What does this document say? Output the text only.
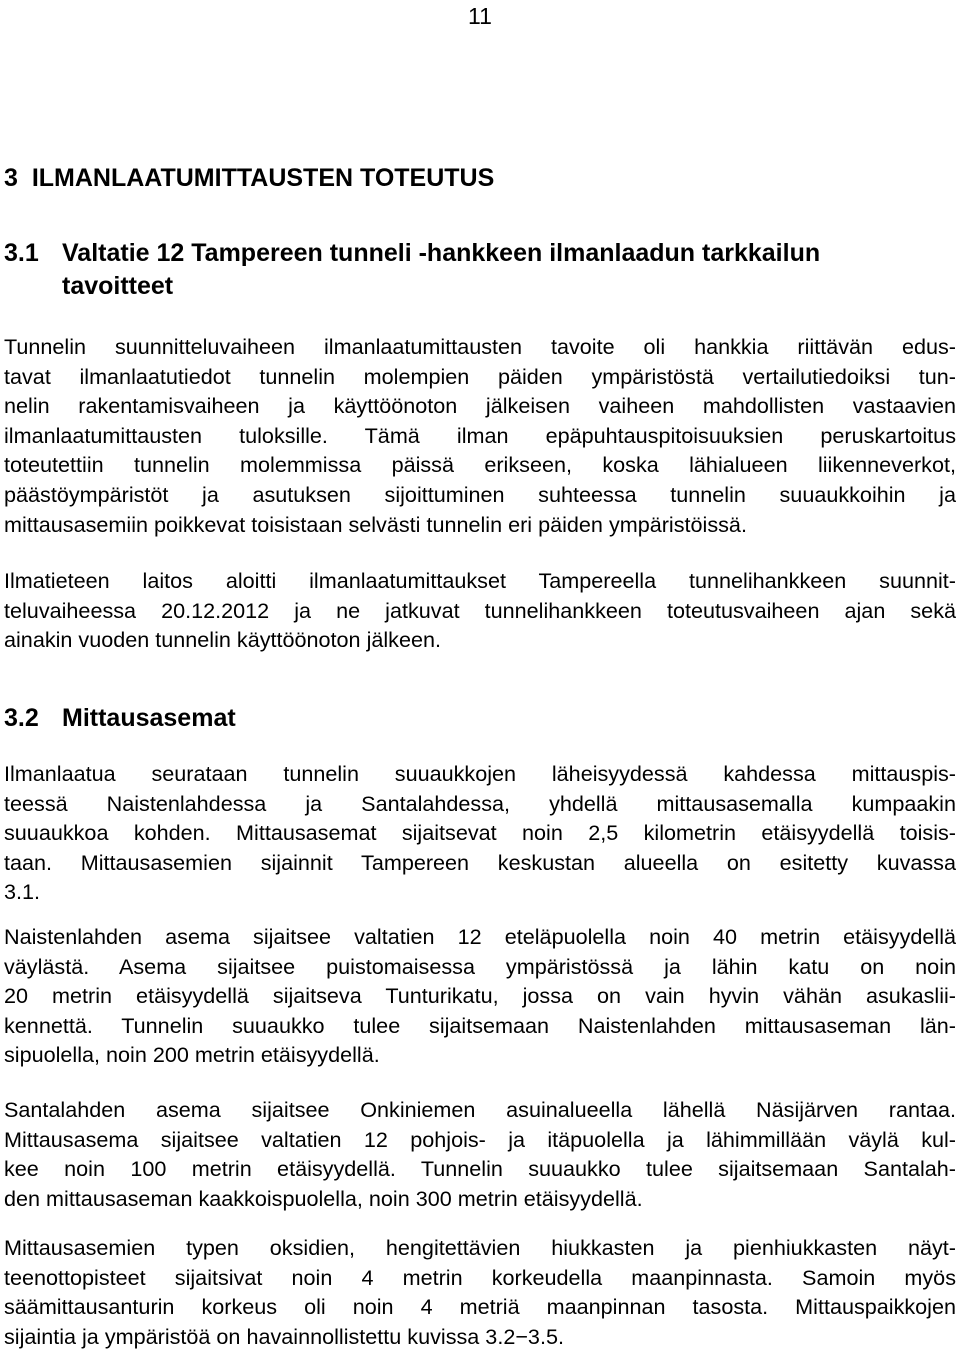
11
3 ILMANLAATUMITTAUSTEN TOTEUTUS
3.1 Valtatie 12 Tampereen tunneli -hankkeen ilmanlaadun tarkkailun
tavoitteet
Tunnelin suunnitteluvaiheen ilmanlaatumittausten tavoite oli hankkia riittävän edus-
tavat ilmanlaatutiedot tunnelin molempien päiden ympäristöstä vertailutiedoiksi tun-
nelin rakentamisvaiheen ja käyttöönoton jälkeisen vaiheen mahdollisten vastaavien
ilmanlaatumittausten tuloksille. Tämä ilman epäpuhtauspitoisuuksien peruskartoitus
toteutettiin tunnelin molemmissa päissä erikseen, koska lähialueen liikenneverkot,
päästöympäristöt ja asutuksen sijoittuminen suhteessa tunnelin suuaukkoihin ja
mittausasemiin poikkevat toisistaan selvästi tunnelin eri päiden ympäristöissä.
Ilmatieteen laitos aloitti ilmanlaatumittaukset Tampereella tunnelihankkeen suunnit-
teluvaiheessa 20.12.2012 ja ne jatkuvat tunnelihankkeen toteutusvaiheen ajan sekä
ainakin vuoden tunnelin käyttöönoton jälkeen.
3.2 Mittausasemat
Ilmanlaatua seurataan tunnelin suuaukkojen läheisyydessä kahdessa mittauspis-
teessä Naistenlahdessa ja Santalahdessa, yhdellä mittausasemalla kumpaakin
suuaukkoa kohden. Mittausasemat sijaitsevat noin 2,5 kilometrin etäisyydellä toisis-
taan. Mittausasemien sijainnit Tampereen keskustan alueella on esitetty kuvassa
3.1.
Naistenlahden asema sijaitsee valtatien 12 eteläpuolella noin 40 metrin etäisyydellä
väylästä. Asema sijaitsee puistomaisessa ympäristössä ja lähin katu on noin
20 metrin etäisyydellä sijaitseva Tunturikatu, jossa on vain hyvin vähän asukaslii-
kennettä. Tunnelin suuaukko tulee sijaitsemaan Naistenlahden mittausaseman län-
sipuolella, noin 200 metrin etäisyydellä.
Santalahden asema sijaitsee Onkiniemen asuinalueella lähellä Näsijärven rantaa.
Mittausasema sijaitsee valtatien 12 pohjois- ja itäpuolella ja lähimmillään väylä kul-
kee noin 100 metrin etäisyydellä. Tunnelin suuaukko tulee sijaitsemaan Santalah-
den mittausaseman kaakkoispuolella, noin 300 metrin etäisyydellä.
Mittausasemien typen oksidien, hengitettävien hiukkasten ja pienhiukkasten näyt-
teenottopisteet sijaitsivat noin 4 metrin korkeudella maanpinnasta. Samoin myös
säämittausanturin korkeus oli noin 4 metriä maanpinnan tasosta. Mittauspaikkojen
sijaintia ja ympäristöä on havainnollistettu kuvissa 3.2−3.5.
